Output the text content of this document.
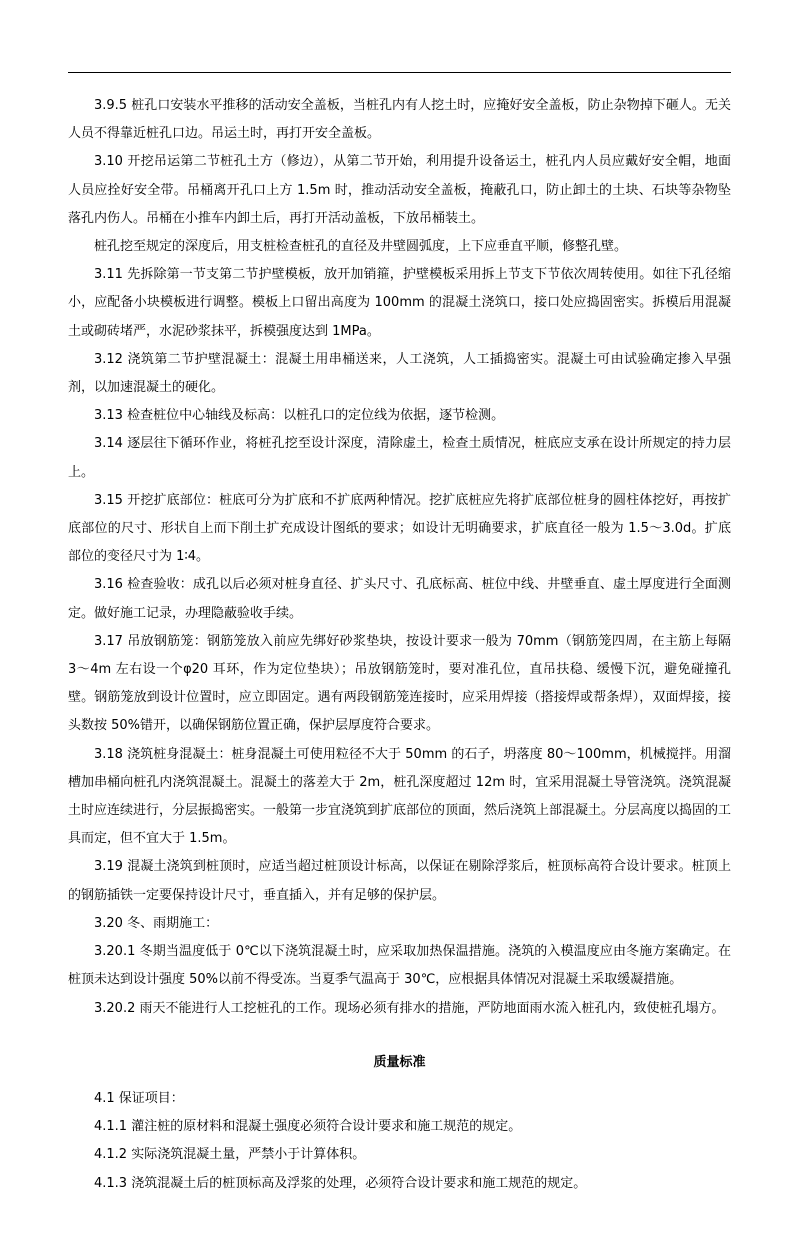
3.9.5 桩孔口安装水平推移的活动安全盖板，当桩孔内有人挖土时，应掩好安全盖板，防止杂物掉下砸人。无关人员不得靠近桩孔口边。吊运土时，再打开安全盖板。

3.10 开挖吊运第二节桩孔土方（修边），从第二节开始，利用提升设备运土，桩孔内人员应戴好安全帽，地面人员应拴好安全带。吊桶离开孔口上方 1.5m 时，推动活动安全盖板，掩蔽孔口，防止卸土的土块、石块等杂物坠落孔内伤人。吊桶在小推车内卸土后，再打开活动盖板，下放吊桶装土。

桩孔挖至规定的深度后，用支桩检查桩孔的直径及井壁圆弧度，上下应垂直平顺，修整孔壁。

3.11 先拆除第一节支第二节护壁模板，放开加销箍，护壁模板采用拆上节支下节依次周转使用。如往下孔径缩小，应配备小块模板进行调整。模板上口留出高度为 100mm 的混凝土浇筑口，接口处应捣固密实。拆模后用混凝土或砌砖堵严，水泥砂浆抹平，拆模强度达到 1MPa。

3.12 浇筑第二节护壁混凝土：混凝土用串桶送来，人工浇筑，人工插捣密实。混凝土可由试验确定掺入早强剂，以加速混凝土的硬化。

3.13 检查桩位中心轴线及标高：以桩孔口的定位线为依据，逐节检测。

3.14 逐层往下循环作业，将桩孔挖至设计深度，清除虚土，检查土质情况，桩底应支承在设计所规定的持力层上。

3.15 开挖扩底部位：桩底可分为扩底和不扩底两种情况。挖扩底桩应先将扩底部位桩身的圆柱体挖好，再按扩底部位的尺寸、形状自上而下削土扩充成设计图纸的要求；如设计无明确要求，扩底直径一般为 1.5～3.0d。扩底部位的变径尺寸为 1∶4。

3.16 检查验收：成孔以后必须对桩身直径、扩头尺寸、孔底标高、桩位中线、井壁垂直、虚土厚度进行全面测定。做好施工记录，办理隐蔽验收手续。

3.17 吊放钢筋笼：钢筋笼放入前应先绑好砂浆垫块，按设计要求一般为 70mm（钢筋笼四周，在主筋上每隔 3～4m 左右设一个φ20 耳环，作为定位垫块）；吊放钢筋笼时，要对准孔位，直吊扶稳、缓慢下沉，避免碰撞孔壁。钢筋笼放到设计位置时，应立即固定。遇有两段钢筋笼连接时，应采用焊接（搭接焊或帮条焊），双面焊接，接头数按 50%错开，以确保钢筋位置正确，保护层厚度符合要求。

3.18 浇筑桩身混凝土：桩身混凝土可使用粒径不大于 50mm 的石子，坍落度 80～100mm，机械搅拌。用溜槽加串桶向桩孔内浇筑混凝土。混凝土的落差大于 2m，桩孔深度超过 12m 时，宜采用混凝土导管浇筑。浇筑混凝土时应连续进行，分层振捣密实。一般第一步宜浇筑到扩底部位的顶面，然后浇筑上部混凝土。分层高度以捣固的工具而定，但不宜大于 1.5m。

3.19 混凝土浇筑到桩顶时，应适当超过桩顶设计标高，以保证在剔除浮浆后，桩顶标高符合设计要求。桩顶上的钢筋插铁一定要保持设计尺寸，垂直插入，并有足够的保护层。

3.20 冬、雨期施工：

3.20.1 冬期当温度低于 0℃以下浇筑混凝土时，应采取加热保温措施。浇筑的入模温度应由冬施方案确定。在桩顶未达到设计强度 50%以前不得受冻。当夏季气温高于 30℃，应根据具体情况对混凝土采取缓凝措施。

3.20.2 雨天不能进行人工挖桩孔的工作。现场必须有排水的措施，严防地面雨水流入桩孔内，致使桩孔塌方。

质量标准

4.1 保证项目：

4.1.1 灌注桩的原材料和混凝土强度必须符合设计要求和施工规范的规定。

4.1.2 实际浇筑混凝土量，严禁小于计算体积。

4.1.3 浇筑混凝土后的桩顶标高及浮浆的处理，必须符合设计要求和施工规范的规定。
